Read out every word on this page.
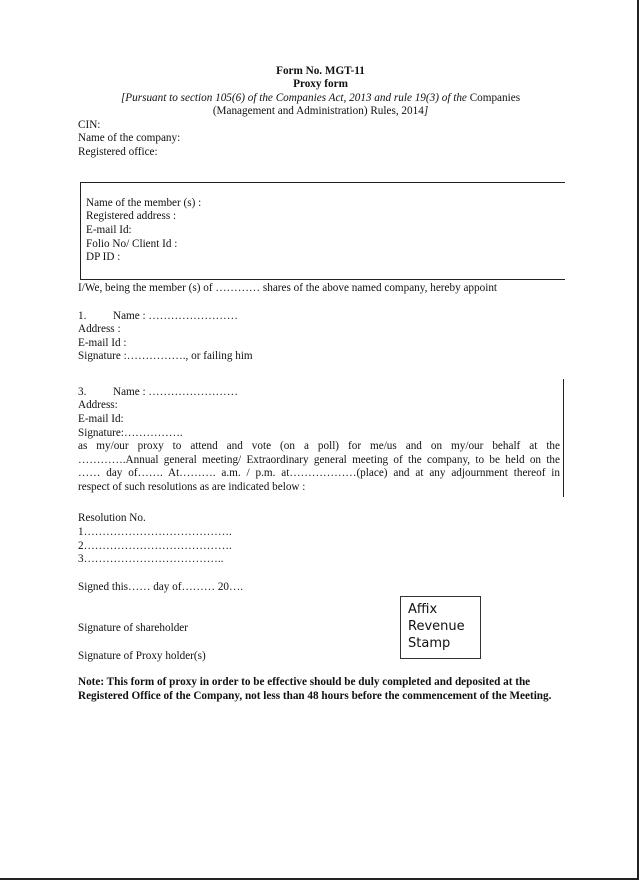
Form No. MGT-11
Proxy form
[Pursuant to section 105(6) of the Companies Act, 2013 and rule 19(3) of the Companies
(Management and Administration) Rules, 2014]
CIN:
Name of the company:
Registered office:
Name of the member (s) :
Registered address :
E-mail Id:
Folio No/ Client Id :
DP ID :
I/We, being the member (s) of ………… shares of the above named company, hereby appoint
1. Name : ……………………
Address :
E-mail Id :
Signature :……………., or failing him
3. Name : ……………………
Address:
E-mail Id:
Signature:…………….
as my/our proxy to attend and vote (on a poll) for me/us and on my/our behalf at the
………….Annual general meeting/ Extraordinary general meeting of the company, to be held on the
…… day of……. At………. a.m. / p.m. at………………(place) and at any adjournment thereof in
respect of such resolutions as are indicated below :
Resolution No.
1………………………………….
2………………………………….
3………………………………..
Signed this…… day of……… 20….
Signature of shareholder
Signature of Proxy holder(s)
Affix
Revenue
Stamp
Note: This form of proxy in order to be effective should be duly completed and deposited at the Registered Office of the Company, not less than 48 hours before the commencement of the Meeting.
